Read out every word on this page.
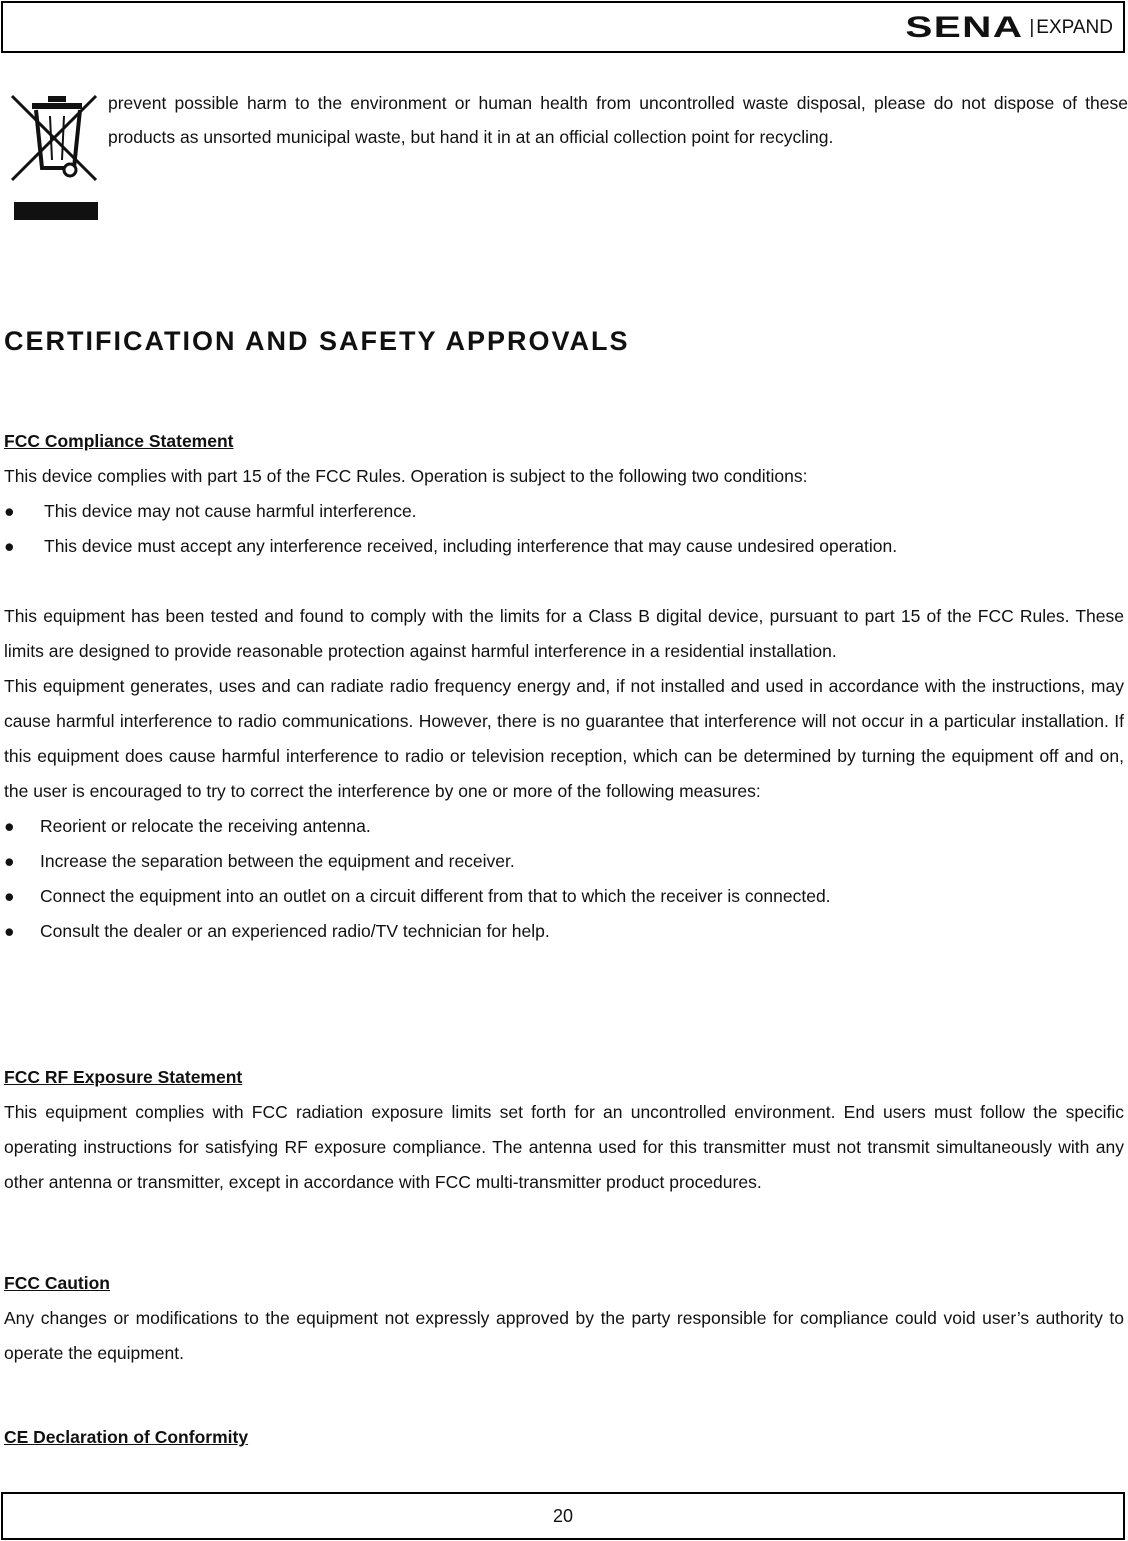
SENA | EXPAND
prevent possible harm to the environment or human health from uncontrolled waste disposal, please do not dispose of these products as unsorted municipal waste, but hand it in at an official collection point for recycling.
CERTIFICATION AND SAFETY APPROVALS
FCC Compliance Statement

This device complies with part 15 of the FCC Rules. Operation is subject to the following two conditions:

●	This device may not cause harmful interference.
●	This device must accept any interference received, including interference that may cause undesired operation.

This equipment has been tested and found to comply with the limits for a Class B digital device, pursuant to part 15 of the FCC Rules. These limits are designed to provide reasonable protection against harmful interference in a residential installation.

This equipment generates, uses and can radiate radio frequency energy and, if not installed and used in accordance with the instructions, may cause harmful interference to radio communications. However, there is no guarantee that interference will not occur in a particular installation. If this equipment does cause harmful interference to radio or television reception, which can be determined by turning the equipment off and on, the user is encouraged to try to correct the interference by one or more of the following measures:

●	Reorient or relocate the receiving antenna.
●	Increase the separation between the equipment and receiver.
●	Connect the equipment into an outlet on a circuit different from that to which the receiver is connected.
●	Consult the dealer or an experienced radio/TV technician for help.
FCC RF Exposure Statement

This equipment complies with FCC radiation exposure limits set forth for an uncontrolled environment. End users must follow the specific operating instructions for satisfying RF exposure compliance. The antenna used for this transmitter must not transmit simultaneously with any other antenna or transmitter, except in accordance with FCC multi-transmitter product procedures.

FCC Caution

Any changes or modifications to the equipment not expressly approved by the party responsible for compliance could void user’s authority to operate the equipment.

CE Declaration of Conformity
20
